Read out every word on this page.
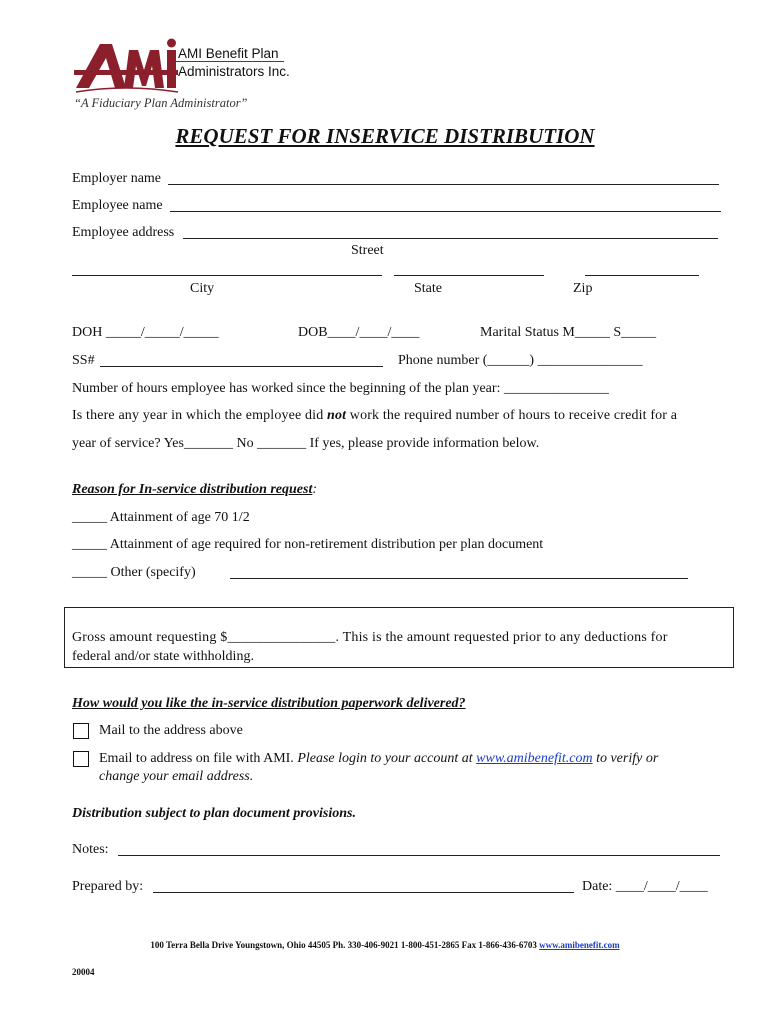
AMI Benefit Plan
Administrators Inc.
“A Fiduciary Plan Administrator”
REQUEST FOR INSERVICE DISTRIBUTION
Employer name
Employee name
Employee address
Street
City	State	Zip
DOH _____/_____/_____	DOB____/____/____	Marital Status M_____ S_____
SS#	Phone number (______) _______________
Number of hours employee has worked since the beginning of the plan year: _______________
Is there any year in which the employee did not work the required number of hours to receive credit for a
year of service? Yes_______ No _______ If yes, please provide information below.
Reason for In-service distribution request:
_____ Attainment of age 70 1/2
_____ Attainment of age required for non-retirement distribution per plan document
_____ Other (specify)
Gross amount requesting $_______________. This is the amount requested prior to any deductions for
federal and/or state withholding.
How would you like the in-service distribution paperwork delivered?
Mail to the address above
Email to address on file with AMI. Please login to your account at www.amibenefit.com to verify or
change your email address.
Distribution subject to plan document provisions.
Notes:
Prepared by:	Date: ____/____/____
100 Terra Bella Drive Youngstown, Ohio 44505 Ph. 330-406-9021 1-800-451-2865 Fax 1-866-436-6703 www.amibenefit.com
20004
